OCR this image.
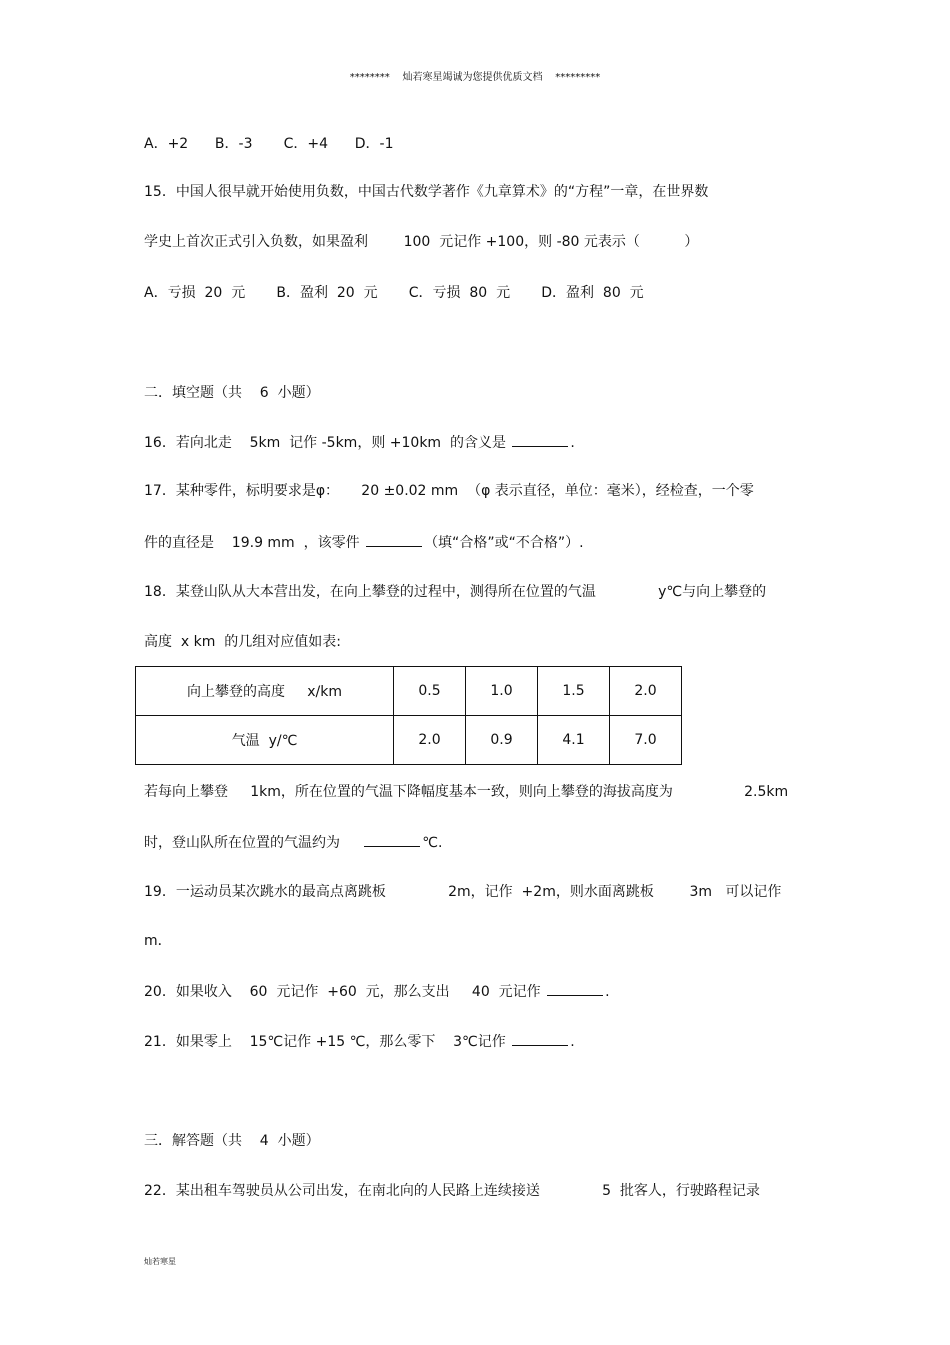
********    灿若寒星竭诚为您提供优质文档    *********
A．+2      B．-3       C．+4      D．-1
15．中国人很早就开始使用负数，中国古代数学著作《九章算术》的“方程”一章，在世界数
学史上首次正式引入负数，如果盈利        100  元记作 +100，则 -80 元表示（          ）
A．亏损  20  元       B．盈利  20  元       C．亏损  80  元       D．盈利  80  元
二．填空题（共    6  小题）
16．若向北走    5km  记作 -5km，则 +10km  的含义是	.
17．某种零件，标明要求是φ：     20 ±0.02 mm  （φ 表示直径，单位：毫米），经检查，一个零
件的直径是    19.9 mm  ，该零件	（填“合格”或“不合格”）.
18．某登山队从大本营出发，在向上攀登的过程中，测得所在位置的气温              y℃与向上攀登的
高度  x km  的几组对应值如表:
向上攀登的高度     x/km	0.5	1.0	1.5	2.0
气温  y/℃	2.0	0.9	4.1	7.0
若每向上攀登     1km，所在位置的气温下降幅度基本一致，则向上攀登的海拔高度为                2.5km
时，登山队所在位置的气温约为	℃.
19．一运动员某次跳水的最高点离跳板              2m，记作  +2m，则水面离跳板        3m   可以记作
m．
20．如果收入    60  元记作  +60  元，那么支出     40  元记作	.
21．如果零上    15℃记作 +15 ℃，那么零下    3℃记作	.
三．解答题（共    4  小题）
22．某出租车驾驶员从公司出发，在南北向的人民路上连续接送              5  批客人，行驶路程记录
灿若寒星
